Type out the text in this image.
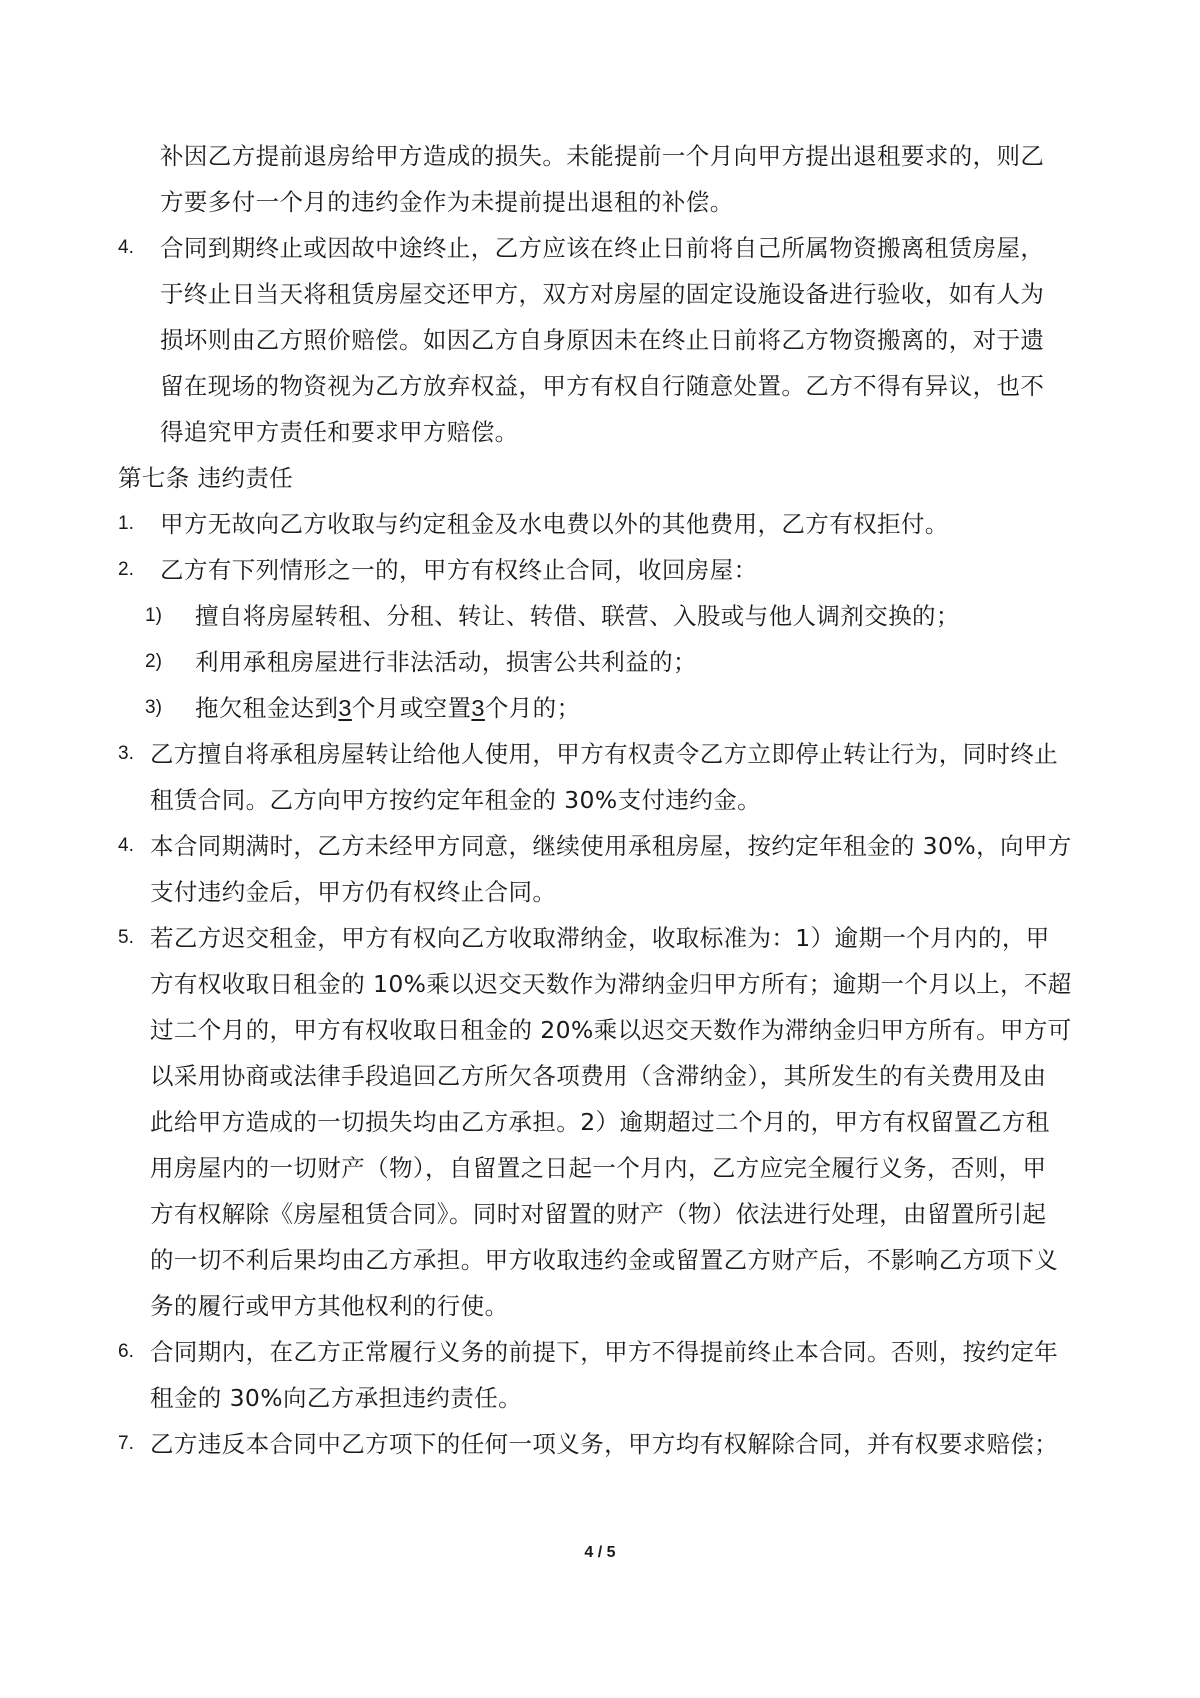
补因乙方提前退房给甲方造成的损失。未能提前一个月向甲方提出退租要求的，则乙
方要多付一个月的违约金作为未提前提出退租的补偿。
4. 合同到期终止或因故中途终止，乙方应该在终止日前将自己所属物资搬离租赁房屋，
于终止日当天将租赁房屋交还甲方，双方对房屋的固定设施设备进行验收，如有人为
损坏则由乙方照价赔偿。如因乙方自身原因未在终止日前将乙方物资搬离的，对于遗
留在现场的物资视为乙方放弃权益，甲方有权自行随意处置。乙方不得有异议，也不
得追究甲方责任和要求甲方赔偿。
第七条 违约责任
1. 甲方无故向乙方收取与约定租金及水电费以外的其他费用，乙方有权拒付。
2. 乙方有下列情形之一的，甲方有权终止合同，收回房屋：
1) 擅自将房屋转租、分租、转让、转借、联营、入股或与他人调剂交换的；
2) 利用承租房屋进行非法活动，损害公共利益的；
3) 拖欠租金达到3个月或空置3个月的；
3. 乙方擅自将承租房屋转让给他人使用，甲方有权责令乙方立即停止转让行为，同时终止
租赁合同。乙方向甲方按约定年租金的 30%支付违约金。
4. 本合同期满时，乙方未经甲方同意，继续使用承租房屋，按约定年租金的 30%，向甲方
支付违约金后，甲方仍有权终止合同。
5. 若乙方迟交租金，甲方有权向乙方收取滞纳金，收取标准为：1）逾期一个月内的，甲
方有权收取日租金的 10%乘以迟交天数作为滞纳金归甲方所有；逾期一个月以上，不超
过二个月的，甲方有权收取日租金的 20%乘以迟交天数作为滞纳金归甲方所有。甲方可
以采用协商或法律手段追回乙方所欠各项费用（含滞纳金），其所发生的有关费用及由
此给甲方造成的一切损失均由乙方承担。2）逾期超过二个月的，甲方有权留置乙方租
用房屋内的一切财产（物），自留置之日起一个月内，乙方应完全履行义务，否则，甲
方有权解除《房屋租赁合同》。同时对留置的财产（物）依法进行处理，由留置所引起
的一切不利后果均由乙方承担。甲方收取违约金或留置乙方财产后，不影响乙方项下义
务的履行或甲方其他权利的行使。
6. 合同期内，在乙方正常履行义务的前提下，甲方不得提前终止本合同。否则，按约定年
租金的 30%向乙方承担违约责任。
7. 乙方违反本合同中乙方项下的任何一项义务，甲方均有权解除合同，并有权要求赔偿；
4 / 5
